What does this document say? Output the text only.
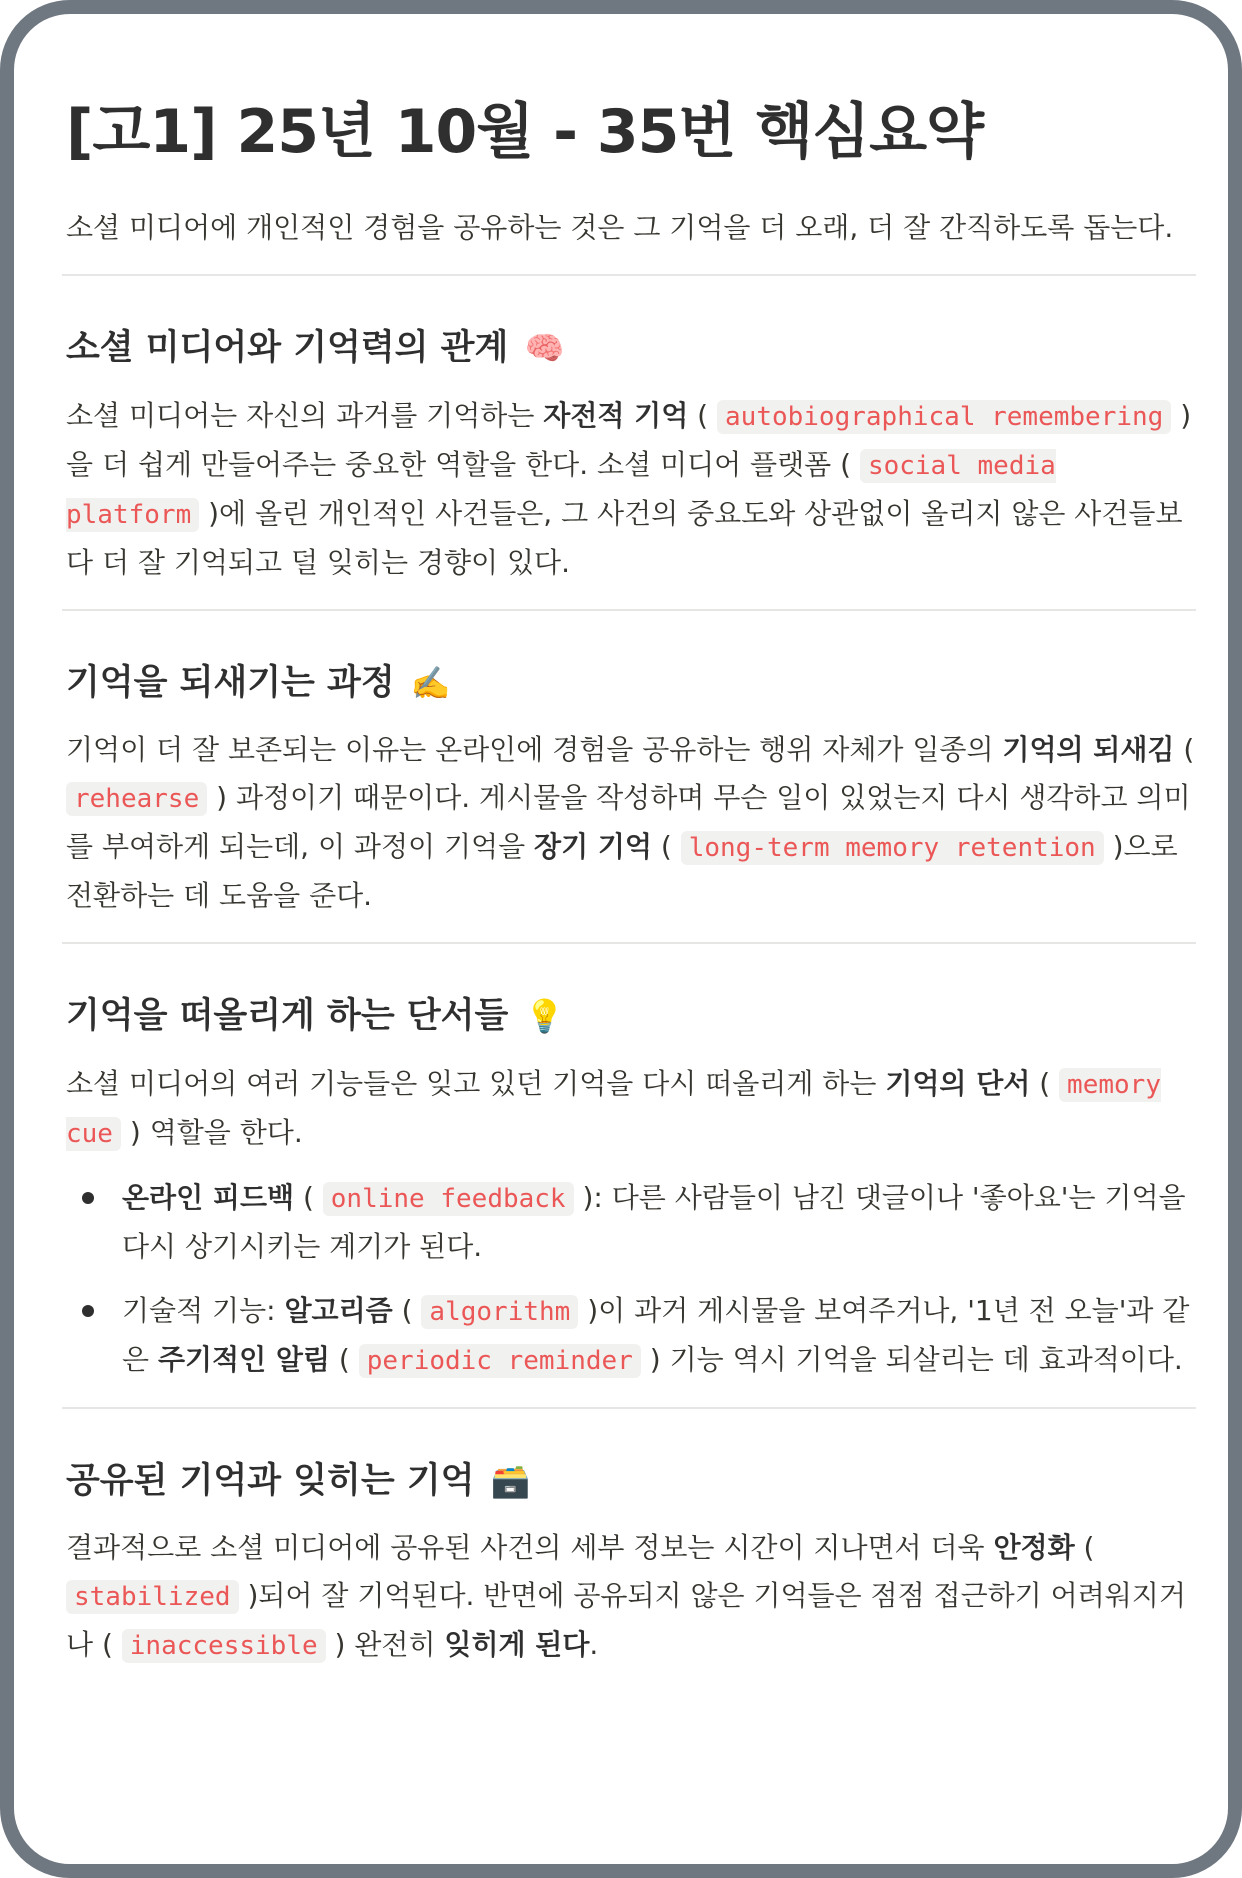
[고1] 25년 10월 - 35번 핵심요약

소셜 미디어에 개인적인 경험을 공유하는 것은 그 기억을 더 오래, 더 잘 간직하도록 돕는다.

소셜 미디어와 기억력의 관계 🧠

소셜 미디어는 자신의 과거를 기억하는 자전적 기억 ( autobiographical remembering )을 더 쉽게 만들어주는 중요한 역할을 한다. 소셜 미디어 플랫폼 ( social media platform )에 올린 개인적인 사건들은, 그 사건의 중요도와 상관없이 올리지 않은 사건들보다 더 잘 기억되고 덜 잊히는 경향이 있다.

기억을 되새기는 과정 ✍️

기억이 더 잘 보존되는 이유는 온라인에 경험을 공유하는 행위 자체가 일종의 기억의 되새김 ( rehearse ) 과정이기 때문이다. 게시물을 작성하며 무슨 일이 있었는지 다시 생각하고 의미를 부여하게 되는데, 이 과정이 기억을 장기 기억 ( long-term memory retention )으로 전환하는 데 도움을 준다.

기억을 떠올리게 하는 단서들 💡

소셜 미디어의 여러 기능들은 잊고 있던 기억을 다시 떠올리게 하는 기억의 단서 ( memory cue ) 역할을 한다.

온라인 피드백 ( online feedback ): 다른 사람들이 남긴 댓글이나 '좋아요'는 기억을 다시 상기시키는 계기가 된다.
기술적 기능: 알고리즘 ( algorithm )이 과거 게시물을 보여주거나, '1년 전 오늘'과 같은 주기적인 알림 ( periodic reminder ) 기능 역시 기억을 되살리는 데 효과적이다.
공유된 기억과 잊히는 기억 🗃️

결과적으로 소셜 미디어에 공유된 사건의 세부 정보는 시간이 지나면서 더욱 안정화 ( stabilized )되어 잘 기억된다. 반면에 공유되지 않은 기억들은 점점 접근하기 어려워지거나 ( inaccessible ) 완전히 잊히게 된다.
